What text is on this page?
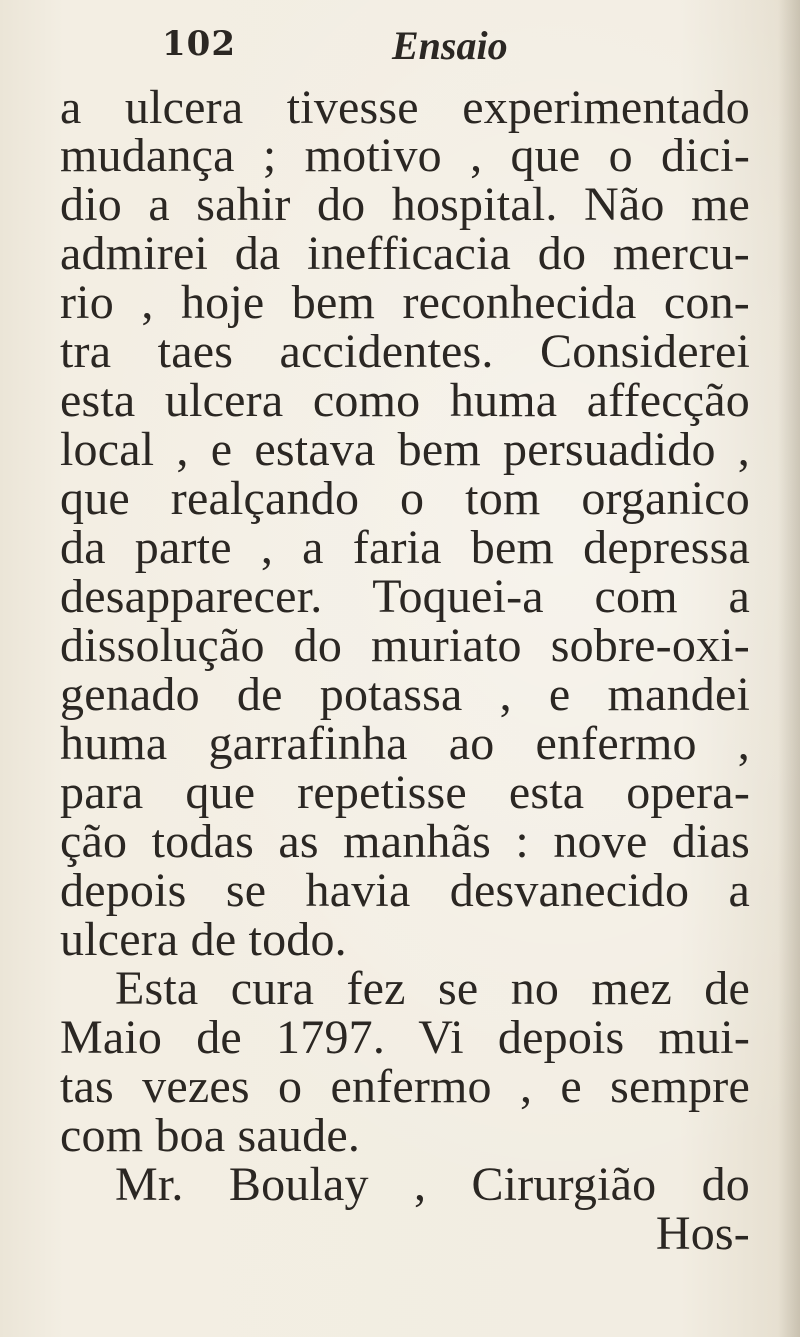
102	Ensaio
a ulcera tivesse experimentado
mudança ; motivo , que o dici-
dio a sahir do hospital. Não me
admirei da inefficacia do mercu-
rio , hoje bem reconhecida con-
tra taes accidentes. Considerei
esta ulcera como huma affecção
local , e estava bem persuadido ,
que realçando o tom organico
da parte , a faria bem depressa
desapparecer. Toquei-a com a
dissolução do muriato sobre-oxi-
genado de potassa , e mandei
huma garrafinha ao enfermo ,
para que repetisse esta opera-
ção todas as manhãs : nove dias
depois se havia desvanecido a
ulcera de todo.
Esta cura fez se no mez de
Maio de 1797. Vi depois mui-
tas vezes o enfermo , e sempre
com boa saude.
Mr. Boulay , Cirurgião do
Hos-
